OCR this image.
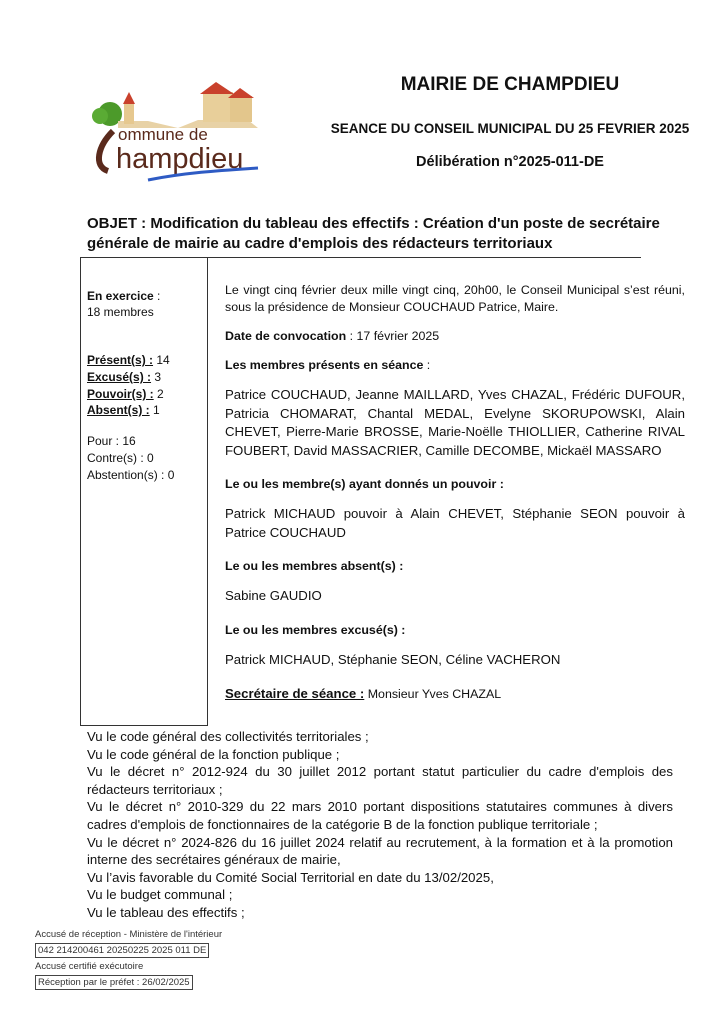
ommune de
hampdieu
MAIRIE DE CHAMPDIEU
SEANCE DU CONSEIL MUNICIPAL DU 25 FEVRIER 2025
Délibération n°2025-011-DE
OBJET : Modification du tableau des effectifs : Création d'un poste de secrétaire générale de mairie au cadre d'emplois des rédacteurs territoriaux
En exercice :
18 membres
Présent(s) : 14
Excusé(s) : 3
Pouvoir(s) : 2
Absent(s) : 1
Pour : 16
Contre(s) : 0
Abstention(s) : 0

Le vingt cinq février deux mille vingt cinq, 20h00, le Conseil Municipal s’est réuni, sous la présidence de Monsieur COUCHAUD Patrice, Maire.

Date de convocation : 17 février 2025

Les membres présents en séance :

Patrice COUCHAUD, Jeanne MAILLARD, Yves CHAZAL, Frédéric DUFOUR, Patricia CHOMARAT, Chantal MEDAL, Evelyne SKORUPOWSKI, Alain CHEVET, Pierre-Marie BROSSE, Marie-Noëlle THIOLLIER, Catherine RIVAL FOUBERT, David MASSACRIER, Camille DECOMBE, Mickaël MASSARO

Le ou les membre(s) ayant donnés un pouvoir :

Patrick MICHAUD pouvoir à Alain CHEVET, Stéphanie SEON pouvoir à Patrice COUCHAUD

Le ou les membres absent(s) :

Sabine GAUDIO

Le ou les membres excusé(s) :

Patrick MICHAUD, Stéphanie SEON, Céline VACHERON

Secrétaire de séance : Monsieur Yves CHAZAL

Vu le code général des collectivités territoriales ;
Vu le code général de la fonction publique ;
Vu le décret n° 2012-924 du 30 juillet 2012 portant statut particulier du cadre d'emplois des rédacteurs territoriaux ;
Vu le décret n° 2010-329 du 22 mars 2010 portant dispositions statutaires communes à divers cadres d'emplois de fonctionnaires de la catégorie B de la fonction publique territoriale ;
Vu le décret n° 2024-826 du 16 juillet 2024 relatif au recrutement, à la formation et à la promotion interne des secrétaires généraux de mairie,
Vu l’avis favorable du Comité Social Territorial en date du 13/02/2025,
Vu le budget communal ;
Vu le tableau des effectifs ;
Accusé de réception - Ministère de l'intérieur
042 214200461 20250225 2025 011 DE
Accusé certifié exécutoire
Réception par le préfet : 26/02/2025
